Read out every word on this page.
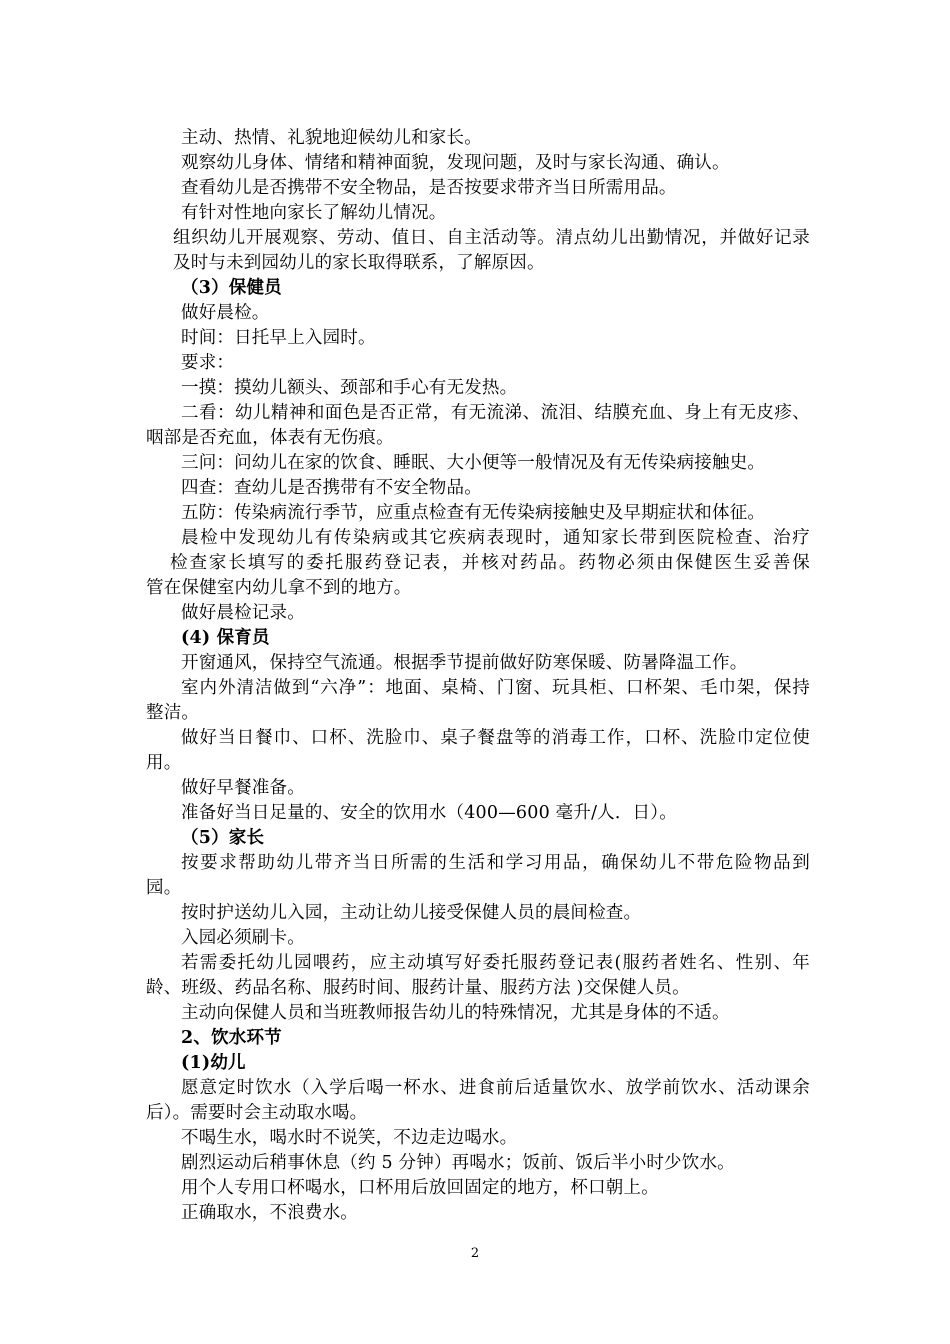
主动、热情、礼貌地迎候幼儿和家长。
观察幼儿身体、情绪和精神面貌，发现问题，及时与家长沟通、确认。
查看幼儿是否携带不安全物品，是否按要求带齐当日所需用品。
有针对性地向家长了解幼儿情况。
组织幼儿开展观察、劳动、值日、自主活动等。清点幼儿出勤情况，并做好记录
及时与未到园幼儿的家长取得联系，了解原因。
（3）保健员
做好晨检。
时间：日托早上入园时。
要求：
一摸：摸幼儿额头、颈部和手心有无发热。
二看：幼儿精神和面色是否正常，有无流涕、流泪、结膜充血、身上有无皮疹、
咽部是否充血，体表有无伤痕。
三问：问幼儿在家的饮食、睡眠、大小便等一般情况及有无传染病接触史。
四查：查幼儿是否携带有不安全物品。
五防：传染病流行季节，应重点检查有无传染病接触史及早期症状和体征。
晨检中发现幼儿有传染病或其它疾病表现时，通知家长带到医院检查、治疗
检查家长填写的委托服药登记表，并核对药品。药物必须由保健医生妥善保
管在保健室内幼儿拿不到的地方。
做好晨检记录。
(4) 保育员
开窗通风，保持空气流通。根据季节提前做好防寒保暖、防暑降温工作。
室内外清洁做到“六净”：地面、桌椅、门窗、玩具柜、口杯架、毛巾架，保持
整洁。
做好当日餐巾、口杯、洗脸巾、桌子餐盘等的消毒工作，口杯、洗脸巾定位使
用。
做好早餐准备。
准备好当日足量的、安全的饮用水（400—600 毫升/人．日）。
（5）家长
按要求帮助幼儿带齐当日所需的生活和学习用品，确保幼儿不带危险物品到
园。
按时护送幼儿入园，主动让幼儿接受保健人员的晨间检查。
入园必须刷卡。
若需委托幼儿园喂药，应主动填写好委托服药登记表(服药者姓名、性别、年
龄、班级、药品名称、服药时间、服药计量、服药方法 )交保健人员。
主动向保健人员和当班教师报告幼儿的特殊情况，尤其是身体的不适。
2、饮水环节
(1)幼儿
愿意定时饮水（入学后喝一杯水、进食前后适量饮水、放学前饮水、活动课余
后）。需要时会主动取水喝。
不喝生水，喝水时不说笑，不边走边喝水。
剧烈运动后稍事休息（约 5 分钟）再喝水；饭前、饭后半小时少饮水。
用个人专用口杯喝水，口杯用后放回固定的地方，杯口朝上。
正确取水，不浪费水。
2
